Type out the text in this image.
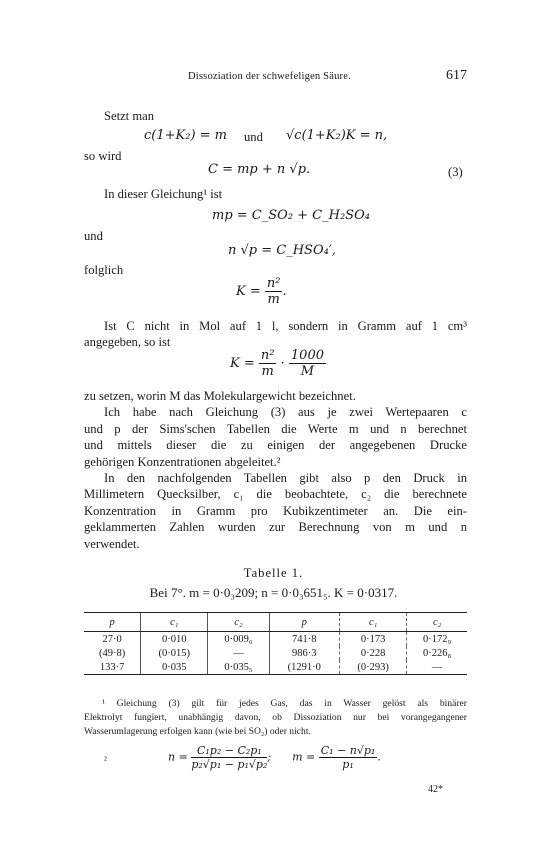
Dissoziation der schwefeligen Säure.	617
Setzt man
c(1+K₂) = m und √c(1+K₂)K = n,
so wird
C = mp + n √p.	(3)
In dieser Gleichung¹ ist
mp = C_SO₂ + C_H₂SO₄
und
n √p = C_HSO₄′,
folglich
$K = \frac{\text{n²}}{m}$ .
Ist C nicht in Mol auf 1 l, sondern in Gramm auf 1 cm³
angegeben, so ist
$K = \frac{\text{n²}}{m} \cdot \frac{1000}{M}$
zu setzen, worin M das Molekulargewicht bezeichnet.
Ich habe nach Gleichung (3) aus je zwei Wertepaaren c
und p der Sims'schen Tabellen die Werte m und n berechnet
und mittels dieser die zu einigen der angegebenen Drucke
gehörigen Konzentrationen abgeleitet.²
In den nachfolgenden Tabellen gibt also p den Druck in
Millimetern Quecksilber, c₁ die beobachtete, c₂ die berechnete
Konzentration in Gramm pro Kubikzentimeter an. Die ein-
geklammerten Zahlen wurden zur Berechnung von m und n
verwendet.
Tabelle 1.
Bei 7°. m = 0·0₃209; n = 0·0₃651₅. K = 0·0317.
p	c₁	c₂	p	c₁	c₂
27·0	0·010	0·009₀	741·8	0·173	0·172₉
(49·8)	(0·015)	—	986·3	0·228	0·226₈
133·7	0·035	0·035₅	(1291·0	(0·293)	—
¹ Gleichung (3) gilt für jedes Gas, das in Wasser gelöst als binärer
Elektrolyt fungiert, unabhängig davon, ob Dissoziation nur bei vorangegangener
Wasserumlagerung erfolgen kann (wie bei SO₂) oder nicht.
²	$n = \frac{\text{C₁p₂ − C₂p₁}}{\text{p₂√p₁ − p₁√p₂}}$ ; $m = \frac{\text{C₁ − n√p₁}}{\text{p₁}}$ .
42*
